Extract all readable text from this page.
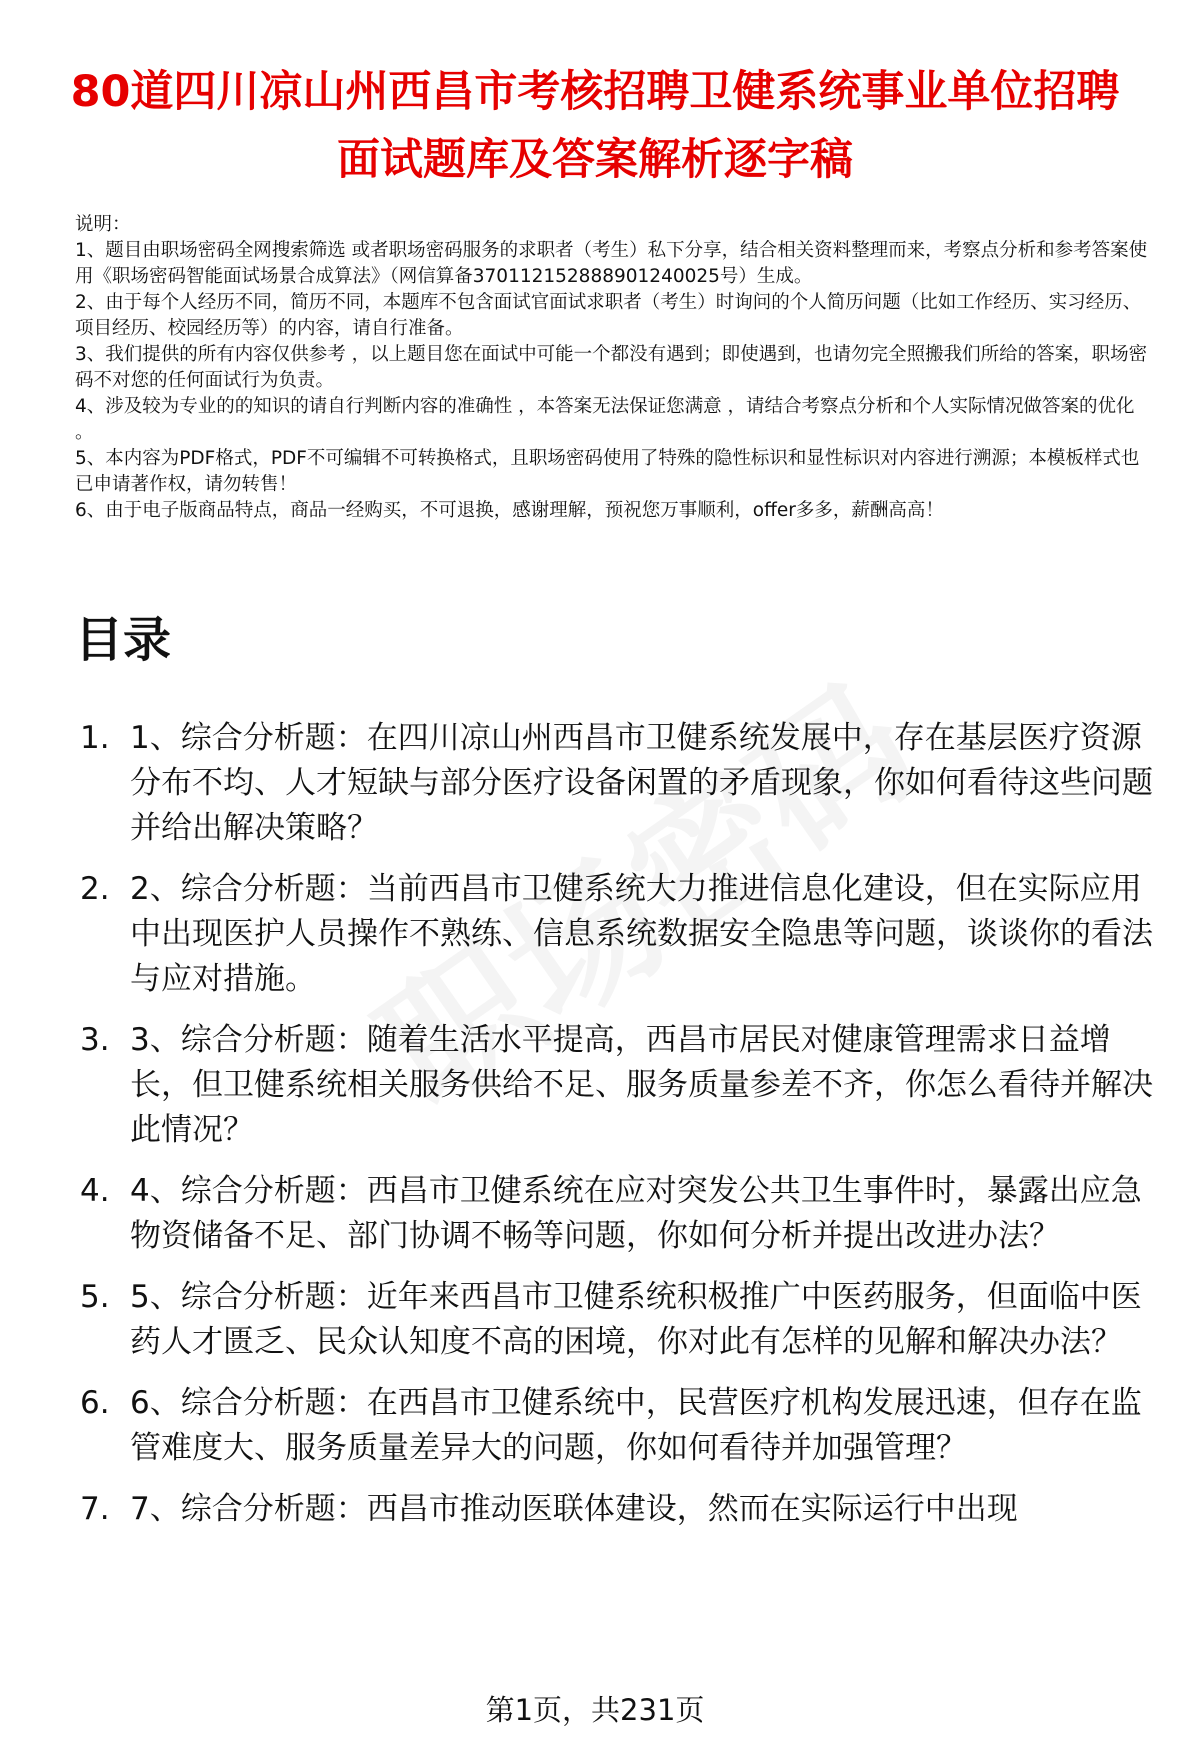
80道四川凉山州西昌市考核招聘卫健系统事业单位招聘面试题库及答案解析逐字稿

说明：

1、题目由职场密码全网搜索筛选 或者职场密码服务的求职者（考生）私下分享，结合相关资料整理而来，考察点分析和参考答案使用《职场密码智能面试场景合成算法》（网信算备370112152888901240025号）生成。

2、由于每个人经历不同，简历不同，本题库不包含面试官面试求职者（考生）时询问的个人简历问题（比如工作经历、实习经历、项目经历、校园经历等）的内容，请自行准备。

3、我们提供的所有内容仅供参考 ，以上题目您在面试中可能一个都没有遇到；即使遇到，也请勿完全照搬我们所给的答案，职场密码不对您的任何面试行为负责。

4、涉及较为专业的的知识的请自行判断内容的准确性 ，本答案无法保证您满意 ，请结合考察点分析和个人实际情况做答案的优化 。

5、本内容为PDF格式，PDF不可编辑不可转换格式，且职场密码使用了特殊的隐性标识和显性标识对内容进行溯源；本模板样式也已申请著作权，请勿转售！

6、由于电子版商品特点，商品一经购买，不可退换，感谢理解，预祝您万事顺利，offer多多，薪酬高高！

目录
1. 1、综合分析题：在四川凉山州西昌市卫健系统发展中，存在基层医疗资源分布不均、人才短缺与部分医疗设备闲置的矛盾现象，你如何看待这些问题并给出解决策略？
2. 2、综合分析题：当前西昌市卫健系统大力推进信息化建设，但在实际应用中出现医护人员操作不熟练、信息系统数据安全隐患等问题，谈谈你的看法与应对措施。
3. 3、综合分析题：随着生活水平提高，西昌市居民对健康管理需求日益增长，但卫健系统相关服务供给不足、服务质量参差不齐，你怎么看待并解决此情况？
4. 4、综合分析题：西昌市卫健系统在应对突发公共卫生事件时，暴露出应急物资储备不足、部门协调不畅等问题，你如何分析并提出改进办法？
5. 5、综合分析题：近年来西昌市卫健系统积极推广中医药服务，但面临中医药人才匮乏、民众认知度不高的困境，你对此有怎样的见解和解决办法？
6. 6、综合分析题：在西昌市卫健系统中，民营医疗机构发展迅速，但存在监管难度大、服务质量差异大的问题，你如何看待并加强管理？
7. 7、综合分析题：西昌市推动医联体建设，然而在实际运行中出现
第1页，共231页
